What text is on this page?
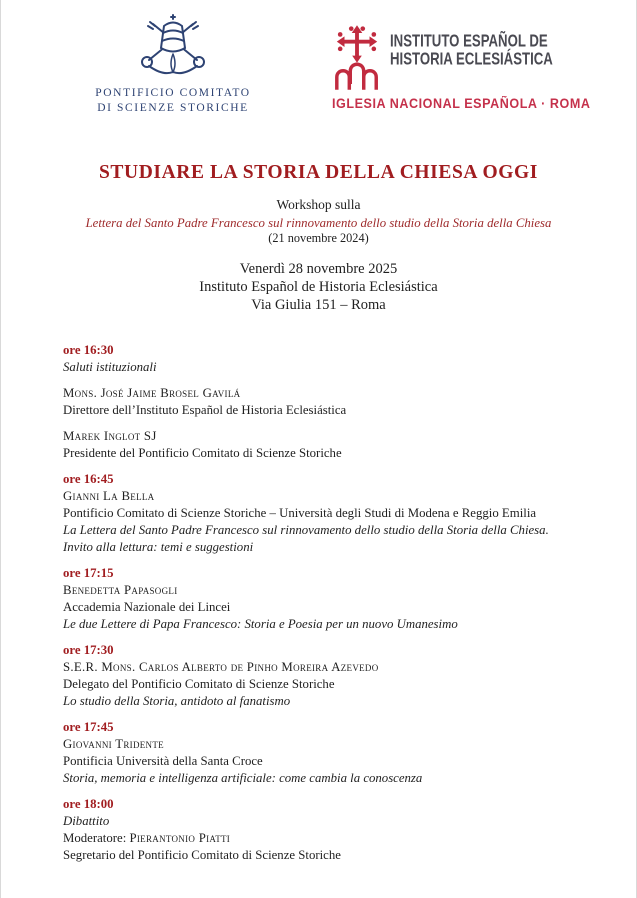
PONTIFICIO COMITATO
DI SCIENZE STORICHE
INSTITUTO ESPAÑOL DE
HISTORIA ECLESIÁSTICA
IGLESIA NACIONAL ESPAÑOLA · ROMA
STUDIARE LA STORIA DELLA CHIESA OGGI
Workshop sulla
Lettera del Santo Padre Francesco sul rinnovamento dello studio della Storia della Chiesa
(21 novembre 2024)
Venerdì 28 novembre 2025
Instituto Español de Historia Eclesiástica
Via Giulia 151 – Roma
ore 16:30
Saluti istituzionali
Mons. José Jaime Brosel Gavilá
Direttore dell’Instituto Español de Historia Eclesiástica
Marek Inglot SJ
Presidente del Pontificio Comitato di Scienze Storiche
ore 16:45
Gianni La Bella
Pontificio Comitato di Scienze Storiche – Università degli Studi di Modena e Reggio Emilia
La Lettera del Santo Padre Francesco sul rinnovamento dello studio della Storia della Chiesa.
Invito alla lettura: temi e suggestioni
ore 17:15
Benedetta Papasogli
Accademia Nazionale dei Lincei
Le due Lettere di Papa Francesco: Storia e Poesia per un nuovo Umanesimo
ore 17:30
S.E.R. Mons. Carlos Alberto de Pinho Moreira Azevedo
Delegato del Pontificio Comitato di Scienze Storiche
Lo studio della Storia, antidoto al fanatismo
ore 17:45
Giovanni Tridente
Pontificia Università della Santa Croce
Storia, memoria e intelligenza artificiale: come cambia la conoscenza
ore 18:00
Dibattito
Moderatore: Pierantonio Piatti
Segretario del Pontificio Comitato di Scienze Storiche
